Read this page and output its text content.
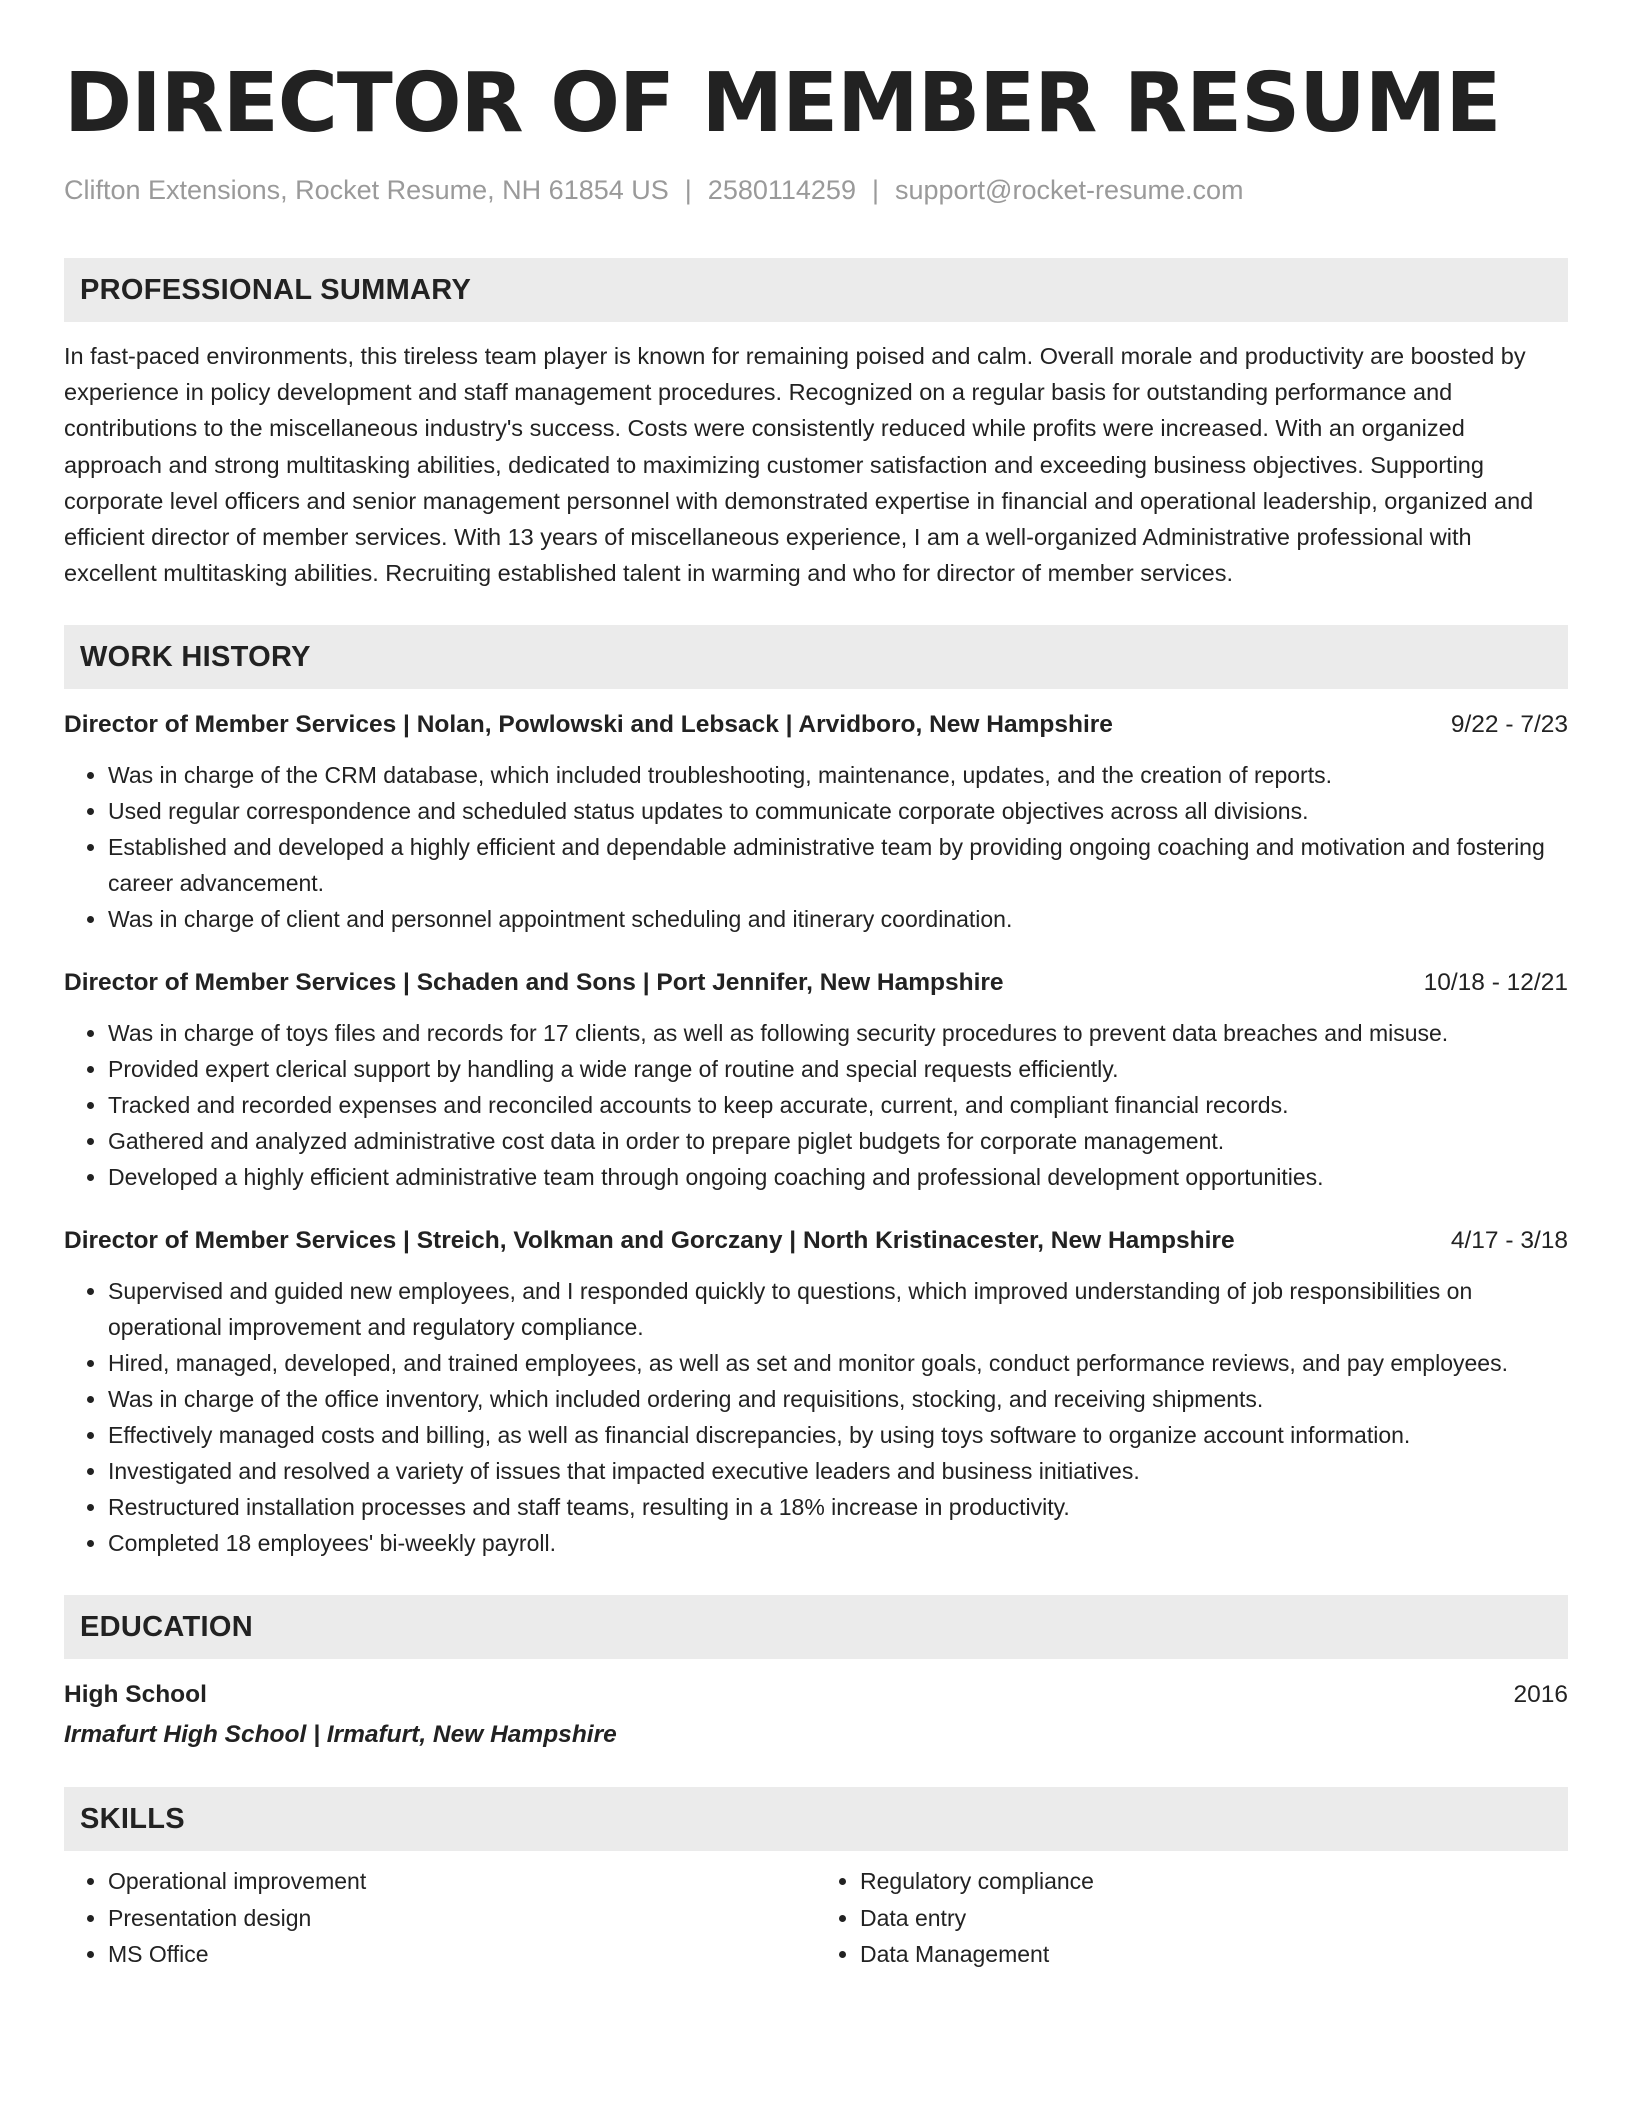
DIRECTOR OF MEMBER RESUME
Clifton Extensions, Rocket Resume, NH 61854 US | 2580114259 | support@rocket-resume.com
PROFESSIONAL SUMMARY
In fast-paced environments, this tireless team player is known for remaining poised and calm. Overall morale and productivity are boosted by experience in policy development and staff management procedures. Recognized on a regular basis for outstanding performance and contributions to the miscellaneous industry's success. Costs were consistently reduced while profits were increased. With an organized approach and strong multitasking abilities, dedicated to maximizing customer satisfaction and exceeding business objectives. Supporting corporate level officers and senior management personnel with demonstrated expertise in financial and operational leadership, organized and efficient director of member services. With 13 years of miscellaneous experience, I am a well-organized Administrative professional with excellent multitasking abilities. Recruiting established talent in warming and who for director of member services.
WORK HISTORY
Director of Member Services | Nolan, Powlowski and Lebsack | Arvidboro, New Hampshire	9/22 - 7/23
• Was in charge of the CRM database, which included troubleshooting, maintenance, updates, and the creation of reports.
• Used regular correspondence and scheduled status updates to communicate corporate objectives across all divisions.
• Established and developed a highly efficient and dependable administrative team by providing ongoing coaching and motivation and fostering career advancement.
• Was in charge of client and personnel appointment scheduling and itinerary coordination.
Director of Member Services | Schaden and Sons | Port Jennifer, New Hampshire	10/18 - 12/21
• Was in charge of toys files and records for 17 clients, as well as following security procedures to prevent data breaches and misuse.
• Provided expert clerical support by handling a wide range of routine and special requests efficiently.
• Tracked and recorded expenses and reconciled accounts to keep accurate, current, and compliant financial records.
• Gathered and analyzed administrative cost data in order to prepare piglet budgets for corporate management.
• Developed a highly efficient administrative team through ongoing coaching and professional development opportunities.
Director of Member Services | Streich, Volkman and Gorczany | North Kristinacester, New Hampshire	4/17 - 3/18
• Supervised and guided new employees, and I responded quickly to questions, which improved understanding of job responsibilities on operational improvement and regulatory compliance.
• Hired, managed, developed, and trained employees, as well as set and monitor goals, conduct performance reviews, and pay employees.
• Was in charge of the office inventory, which included ordering and requisitions, stocking, and receiving shipments.
• Effectively managed costs and billing, as well as financial discrepancies, by using toys software to organize account information.
• Investigated and resolved a variety of issues that impacted executive leaders and business initiatives.
• Restructured installation processes and staff teams, resulting in a 18% increase in productivity.
• Completed 18 employees' bi-weekly payroll.
EDUCATION
High School	2016
Irmafurt High School | Irmafurt, New Hampshire
SKILLS
• Operational improvement
• Presentation design
• MS Office
• Regulatory compliance
• Data entry
• Data Management
